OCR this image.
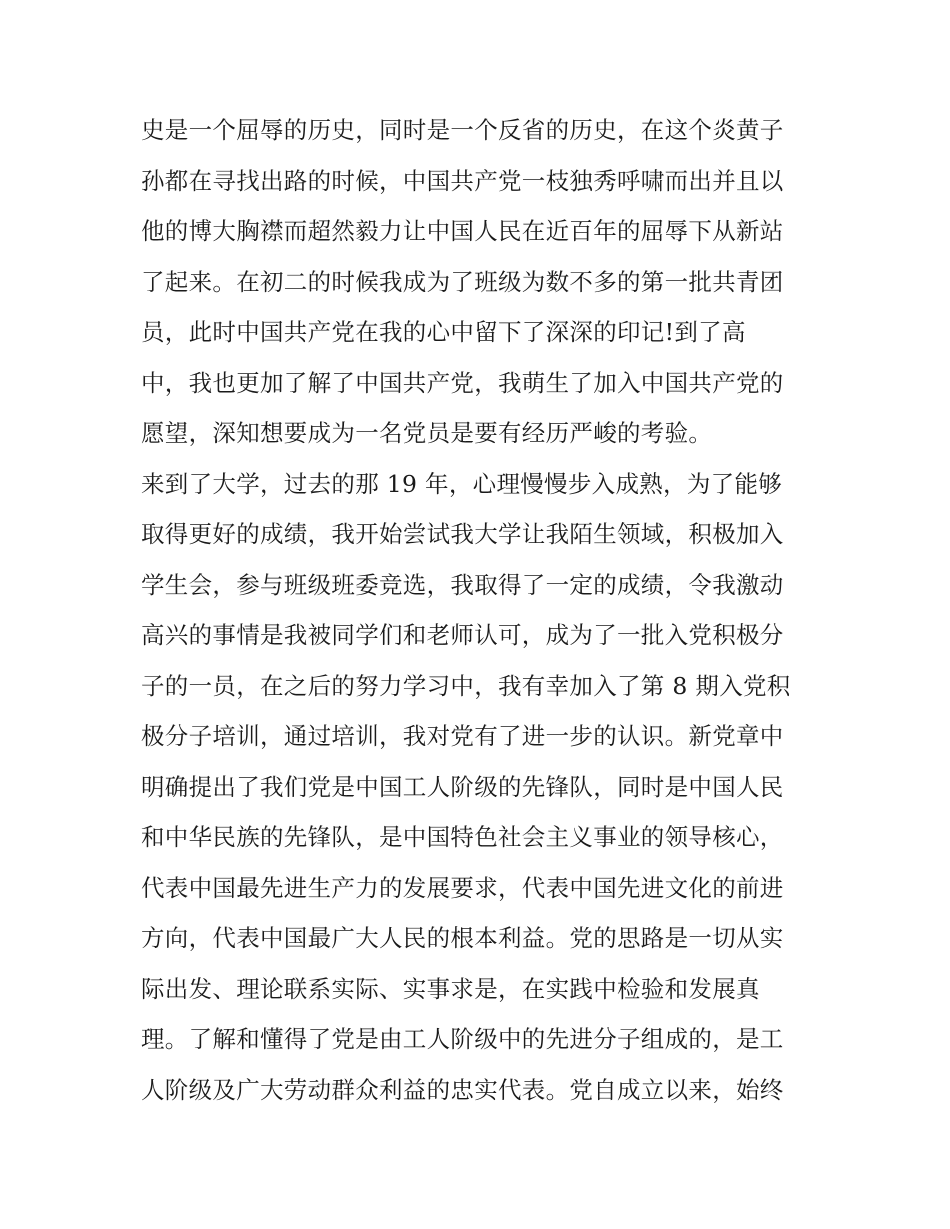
史是一个屈辱的历史，同时是一个反省的历史，在这个炎黄子
孙都在寻找出路的时候，中国共产党一枝独秀呼啸而出并且以
他的博大胸襟而超然毅力让中国人民在近百年的屈辱下从新站
了起来。在初二的时候我成为了班级为数不多的第一批共青团
员，此时中国共产党在我的心中留下了深深的印记!到了高
中，我也更加了解了中国共产党，我萌生了加入中国共产党的
愿望，深知想要成为一名党员是要有经历严峻的考验。
来到了大学，过去的那 19 年，心理慢慢步入成熟，为了能够
取得更好的成绩，我开始尝试我大学让我陌生领域，积极加入
学生会，参与班级班委竞选，我取得了一定的成绩，令我激动
高兴的事情是我被同学们和老师认可，成为了一批入党积极分
子的一员，在之后的努力学习中，我有幸加入了第 8 期入党积
极分子培训，通过培训，我对党有了进一步的认识。新党章中
明确提出了我们党是中国工人阶级的先锋队，同时是中国人民
和中华民族的先锋队，是中国特色社会主义事业的领导核心，
代表中国最先进生产力的发展要求，代表中国先进文化的前进
方向，代表中国最广大人民的根本利益。党的思路是一切从实
际出发、理论联系实际、实事求是，在实践中检验和发展真
理。了解和懂得了党是由工人阶级中的先进分子组成的，是工
人阶级及广大劳动群众利益的忠实代表。党自成立以来，始终
